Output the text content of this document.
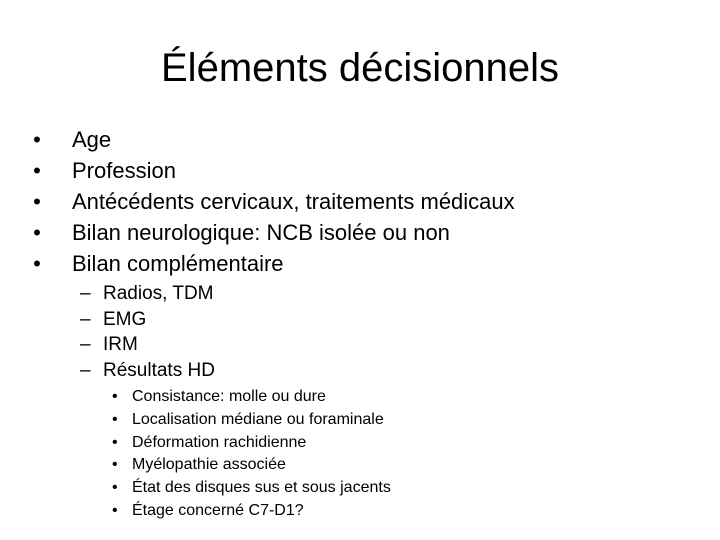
Éléments décisionnels
• Age
• Profession
• Antécédents cervicaux, traitements médicaux
• Bilan neurologique: NCB isolée ou non
• Bilan complémentaire
– Radios, TDM
– EMG
– IRM
– Résultats HD
• Consistance: molle ou dure
• Localisation médiane ou foraminale
• Déformation rachidienne
• Myélopathie associée
• État des disques sus et sous jacents
• Étage concerné C7-D1?
